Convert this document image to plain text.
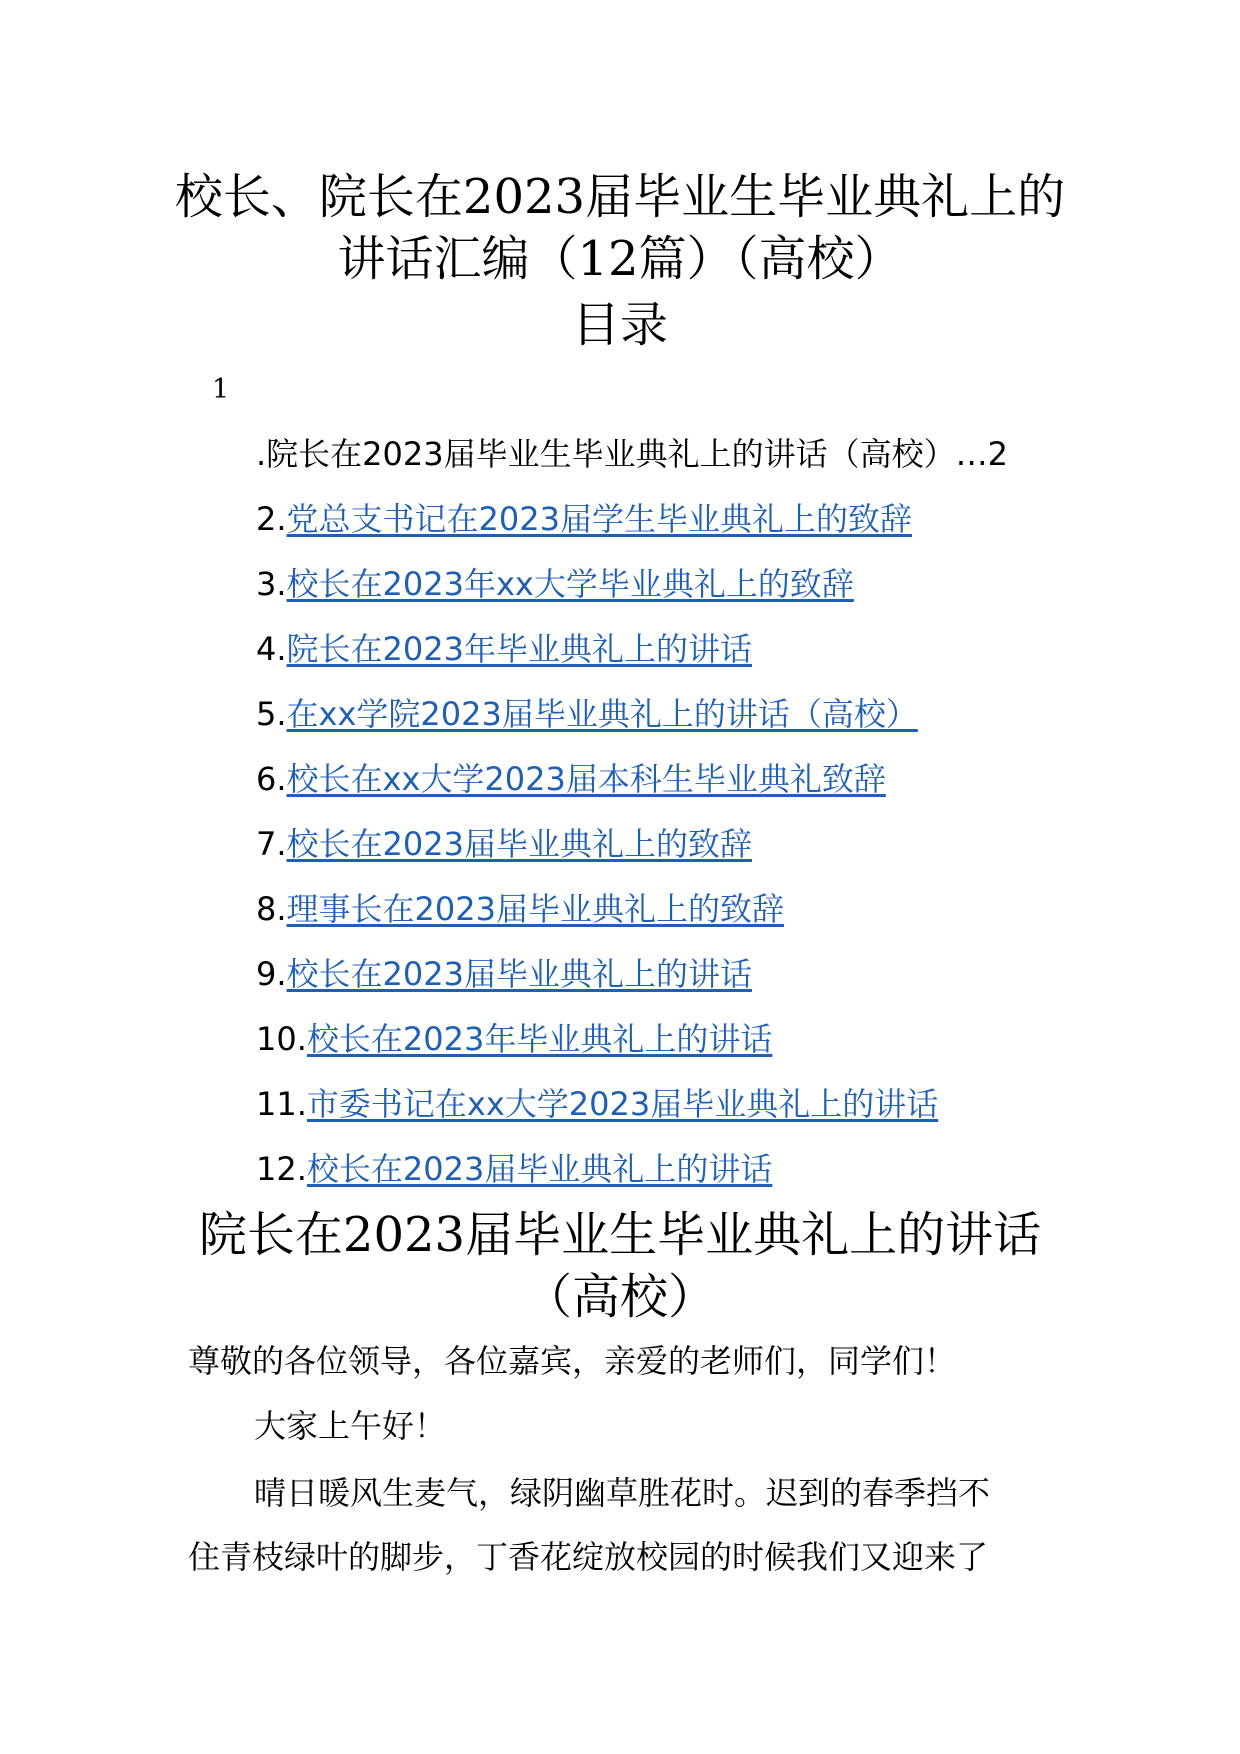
校长、院长在2023届毕业生毕业典礼上的讲话汇编（12篇）（高校）
目录
1
.院长在2023届毕业生毕业典礼上的讲话（高校）…2
2.党总支书记在2023届学生毕业典礼上的致辞
3.校长在2023年xx大学毕业典礼上的致辞
4.院长在2023年毕业典礼上的讲话
5.在xx学院2023届毕业典礼上的讲话（高校）
6.校长在xx大学2023届本科生毕业典礼致辞
7.校长在2023届毕业典礼上的致辞
8.理事长在2023届毕业典礼上的致辞
9.校长在2023届毕业典礼上的讲话
10.校长在2023年毕业典礼上的讲话
11.市委书记在xx大学2023届毕业典礼上的讲话
12.校长在2023届毕业典礼上的讲话
院长在2023届毕业生毕业典礼上的讲话（高校）

尊敬的各位领导，各位嘉宾，亲爱的老师们，同学们！

大家上午好！

晴日暖风生麦气，绿阴幽草胜花时。迟到的春季挡不

住青枝绿叶的脚步，丁香花绽放校园的时候我们又迎来了
